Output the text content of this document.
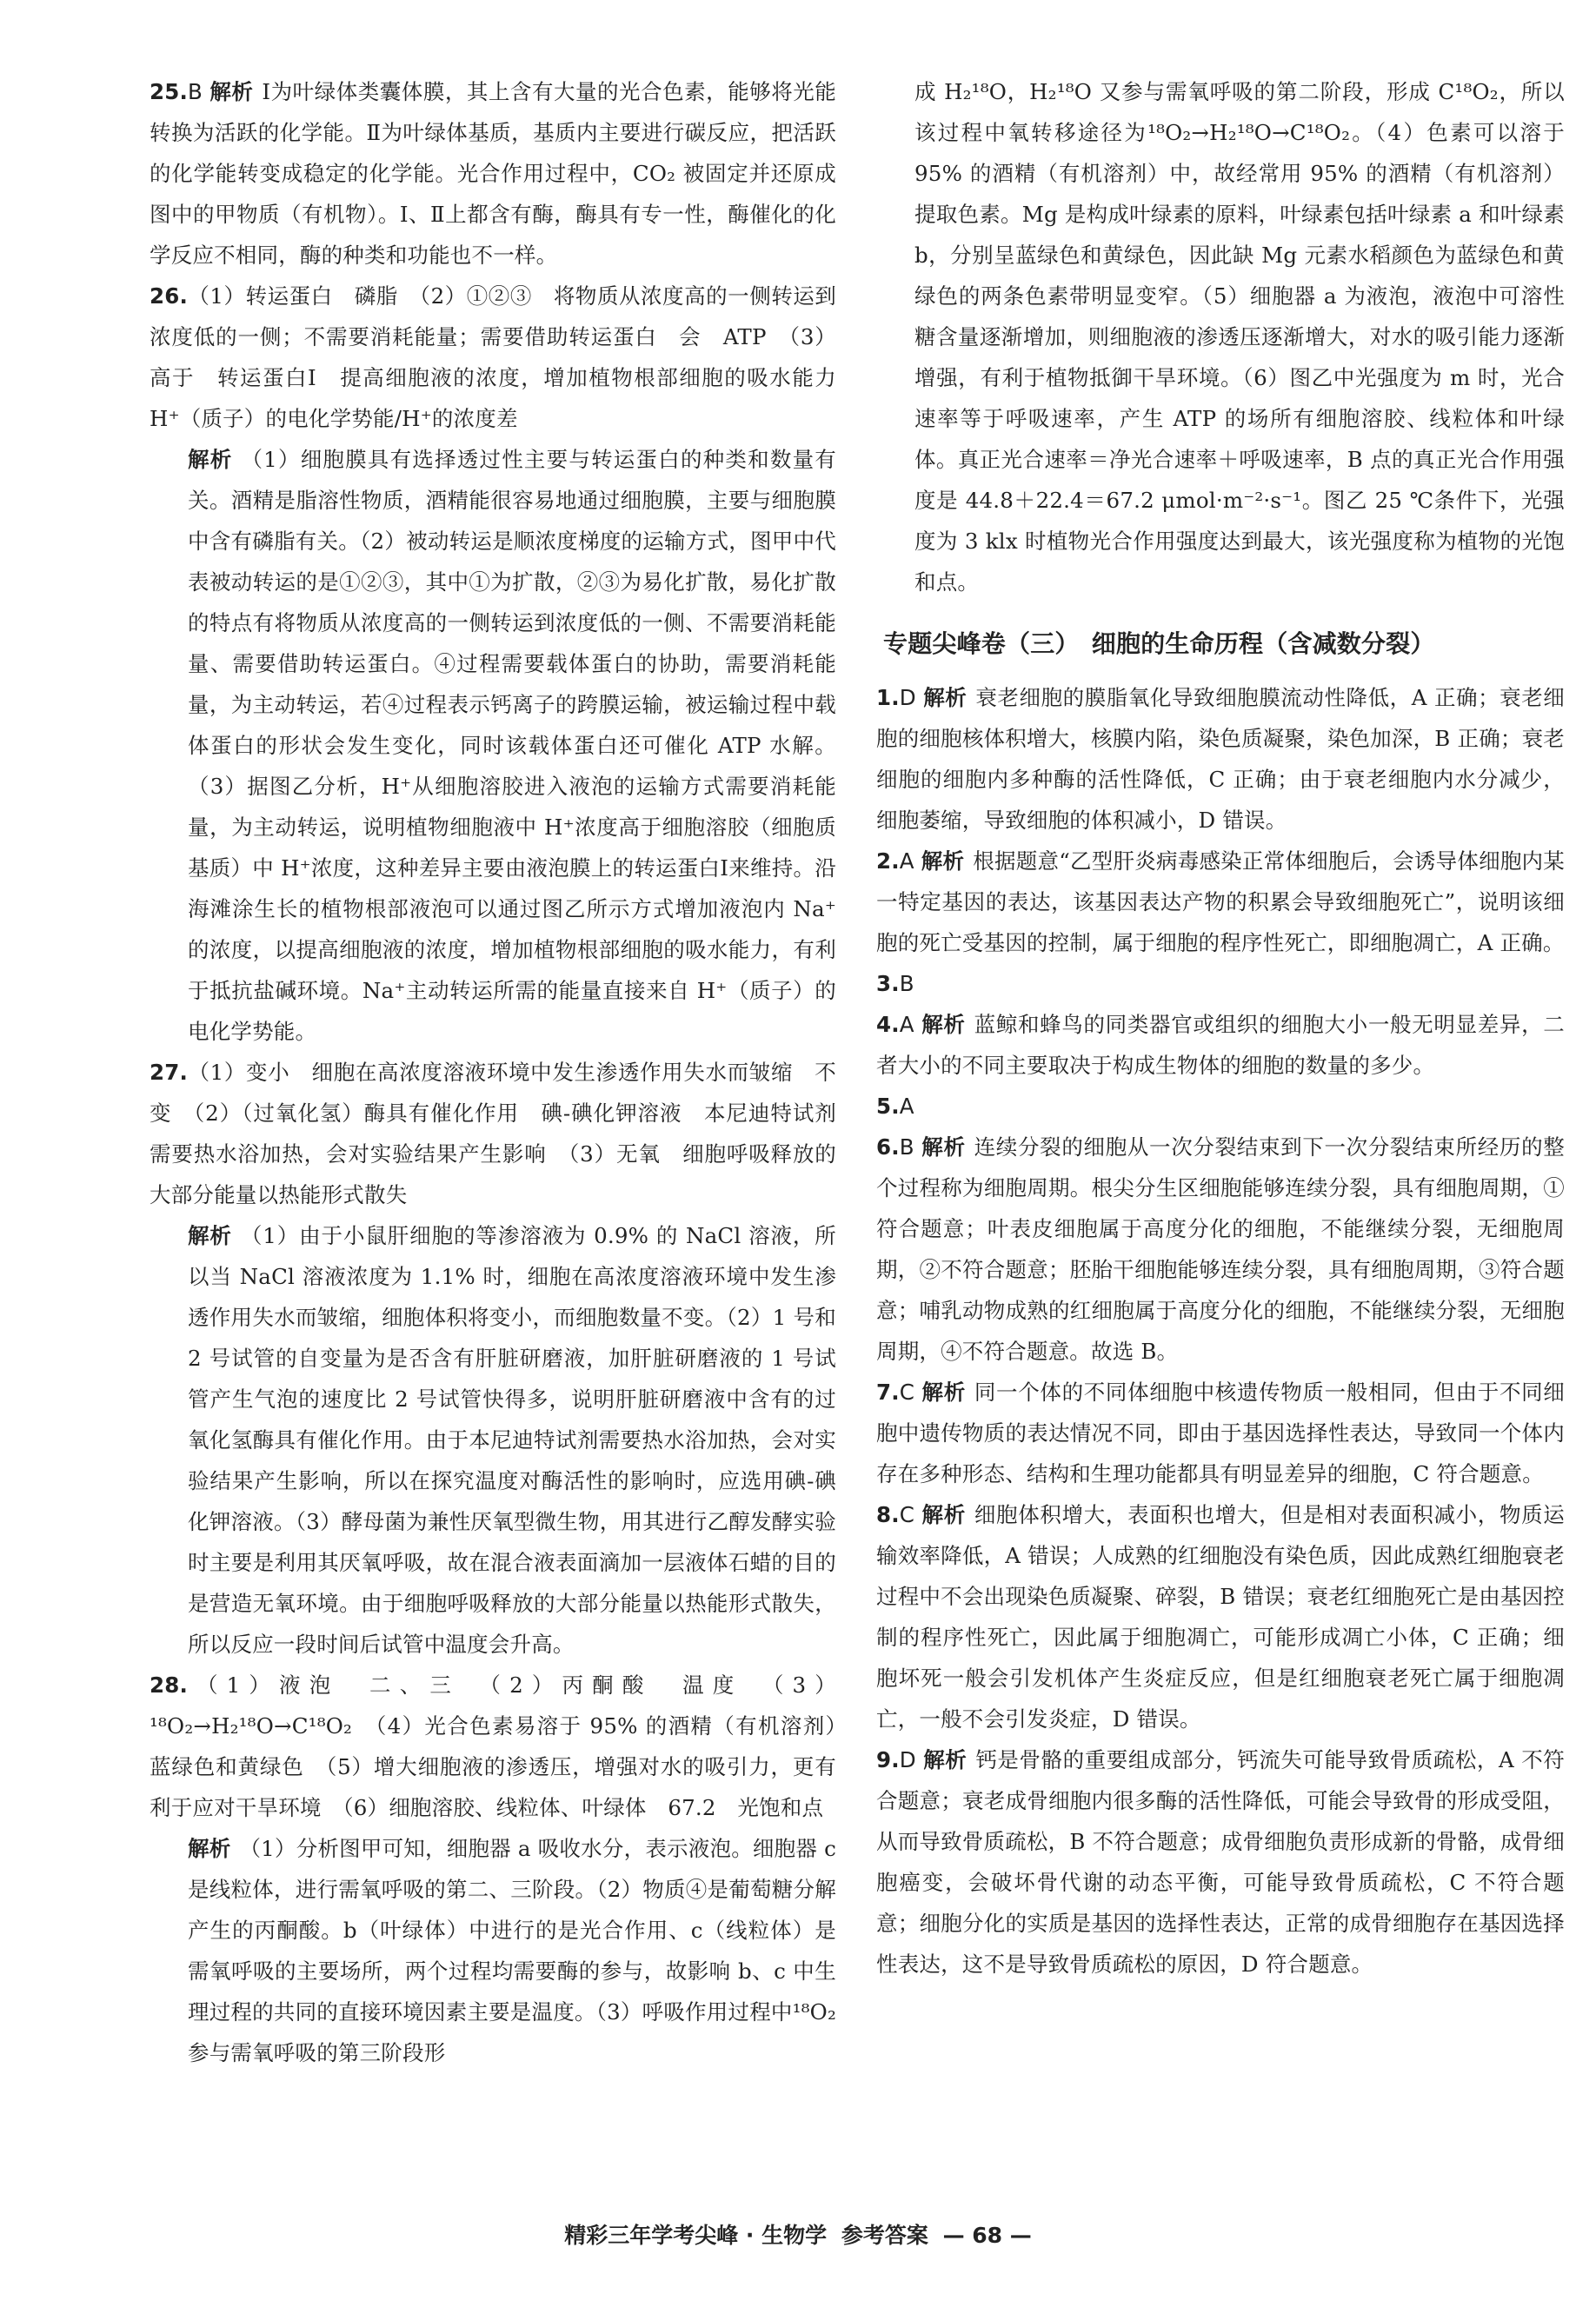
25.B 解析 Ⅰ为叶绿体类囊体膜，其上含有大量的光合色素，能够将光能转换为活跃的化学能。Ⅱ为叶绿体基质，基质内主要进行碳反应，把活跃的化学能转变成稳定的化学能。光合作用过程中，CO₂ 被固定并还原成图中的甲物质（有机物）。Ⅰ、Ⅱ上都含有酶，酶具有专一性，酶催化的化学反应不相同，酶的种类和功能也不一样。

26.（1）转运蛋白　磷脂　（2）①②③　将物质从浓度高的一侧转运到浓度低的一侧；不需要消耗能量；需要借助转运蛋白　会　ATP　（3）高于　转运蛋白Ⅰ　提高细胞液的浓度，增加植物根部细胞的吸水能力　H⁺（质子）的电化学势能/H⁺的浓度差

解析 （1）细胞膜具有选择透过性主要与转运蛋白的种类和数量有关。酒精是脂溶性物质，酒精能很容易地通过细胞膜，主要与细胞膜中含有磷脂有关。（2）被动转运是顺浓度梯度的运输方式，图甲中代表被动转运的是①②③，其中①为扩散，②③为易化扩散，易化扩散的特点有将物质从浓度高的一侧转运到浓度低的一侧、不需要消耗能量、需要借助转运蛋白。④过程需要载体蛋白的协助，需要消耗能量，为主动转运，若④过程表示钙离子的跨膜运输，被运输过程中载体蛋白的形状会发生变化，同时该载体蛋白还可催化 ATP 水解。（3）据图乙分析，H⁺从细胞溶胶进入液泡的运输方式需要消耗能量，为主动转运，说明植物细胞液中 H⁺浓度高于细胞溶胶（细胞质基质）中 H⁺浓度，这种差异主要由液泡膜上的转运蛋白Ⅰ来维持。沿海滩涂生长的植物根部液泡可以通过图乙所示方式增加液泡内 Na⁺的浓度，以提高细胞液的浓度，增加植物根部细胞的吸水能力，有利于抵抗盐碱环境。Na⁺主动转运所需的能量直接来自 H⁺（质子）的电化学势能。

27.（1）变小　细胞在高浓度溶液环境中发生渗透作用失水而皱缩　不变　（2）（过氧化氢）酶具有催化作用　碘-碘化钾溶液　本尼迪特试剂需要热水浴加热，会对实验结果产生影响　（3）无氧　细胞呼吸释放的大部分能量以热能形式散失

解析 （1）由于小鼠肝细胞的等渗溶液为 0.9% 的 NaCl 溶液，所以当 NaCl 溶液浓度为 1.1% 时，细胞在高浓度溶液环境中发生渗透作用失水而皱缩，细胞体积将变小，而细胞数量不变。（2）1 号和 2 号试管的自变量为是否含有肝脏研磨液，加肝脏研磨液的 1 号试管产生气泡的速度比 2 号试管快得多，说明肝脏研磨液中含有的过氧化氢酶具有催化作用。由于本尼迪特试剂需要热水浴加热，会对实验结果产生影响，所以在探究温度对酶活性的影响时，应选用碘-碘化钾溶液。（3）酵母菌为兼性厌氧型微生物，用其进行乙醇发酵实验时主要是利用其厌氧呼吸，故在混合液表面滴加一层液体石蜡的目的是营造无氧环境。由于细胞呼吸释放的大部分能量以热能形式散失，所以反应一段时间后试管中温度会升高。

28.（1）液泡　二、三　（2）丙酮酸　温度　（3）¹⁸O₂→H₂¹⁸O→C¹⁸O₂　（4）光合色素易溶于 95% 的酒精（有机溶剂）　蓝绿色和黄绿色　（5）增大细胞液的渗透压，增强对水的吸引力，更有利于应对干旱环境　（6）细胞溶胶、线粒体、叶绿体　67.2　光饱和点

解析 （1）分析图甲可知，细胞器 a 吸收水分，表示液泡。细胞器 c 是线粒体，进行需氧呼吸的第二、三阶段。（2）物质④是葡萄糖分解产生的丙酮酸。b（叶绿体）中进行的是光合作用、c（线粒体）是需氧呼吸的主要场所，两个过程均需要酶的参与，故影响 b、c 中生理过程的共同的直接环境因素主要是温度。（3）呼吸作用过程中¹⁸O₂ 参与需氧呼吸的第三阶段形

成 H₂¹⁸O，H₂¹⁸O 又参与需氧呼吸的第二阶段，形成 C¹⁸O₂，所以该过程中氧转移途径为¹⁸O₂→H₂¹⁸O→C¹⁸O₂。（4）色素可以溶于 95% 的酒精（有机溶剂）中，故经常用 95% 的酒精（有机溶剂）提取色素。Mg 是构成叶绿素的原料，叶绿素包括叶绿素 a 和叶绿素 b，分别呈蓝绿色和黄绿色，因此缺 Mg 元素水稻颜色为蓝绿色和黄绿色的两条色素带明显变窄。（5）细胞器 a 为液泡，液泡中可溶性糖含量逐渐增加，则细胞液的渗透压逐渐增大，对水的吸引能力逐渐增强，有利于植物抵御干旱环境。（6）图乙中光强度为 m 时，光合速率等于呼吸速率，产生 ATP 的场所有细胞溶胶、线粒体和叶绿体。真正光合速率＝净光合速率＋呼吸速率，B 点的真正光合作用强度是 44.8＋22.4＝67.2 μmol·m⁻²·s⁻¹。图乙 25 ℃条件下，光强度为 3 klx 时植物光合作用强度达到最大，该光强度称为植物的光饱和点。

专题尖峰卷（三）　细胞的生命历程（含减数分裂）

1.D 解析 衰老细胞的膜脂氧化导致细胞膜流动性降低，A 正确；衰老细胞的细胞核体积增大，核膜内陷，染色质凝聚，染色加深，B 正确；衰老细胞的细胞内多种酶的活性降低，C 正确；由于衰老细胞内水分减少，细胞萎缩，导致细胞的体积减小，D 错误。

2.A 解析 根据题意“乙型肝炎病毒感染正常体细胞后，会诱导体细胞内某一特定基因的表达，该基因表达产物的积累会导致细胞死亡”，说明该细胞的死亡受基因的控制，属于细胞的程序性死亡，即细胞凋亡，A 正确。

3.B

4.A 解析 蓝鲸和蜂鸟的同类器官或组织的细胞大小一般无明显差异，二者大小的不同主要取决于构成生物体的细胞的数量的多少。

5.A

6.B 解析 连续分裂的细胞从一次分裂结束到下一次分裂结束所经历的整个过程称为细胞周期。根尖分生区细胞能够连续分裂，具有细胞周期，①符合题意；叶表皮细胞属于高度分化的细胞，不能继续分裂，无细胞周期，②不符合题意；胚胎干细胞能够连续分裂，具有细胞周期，③符合题意；哺乳动物成熟的红细胞属于高度分化的细胞，不能继续分裂，无细胞周期，④不符合题意。故选 B。

7.C 解析 同一个体的不同体细胞中核遗传物质一般相同，但由于不同细胞中遗传物质的表达情况不同，即由于基因选择性表达，导致同一个体内存在多种形态、结构和生理功能都具有明显差异的细胞，C 符合题意。

8.C 解析 细胞体积增大，表面积也增大，但是相对表面积减小，物质运输效率降低，A 错误；人成熟的红细胞没有染色质，因此成熟红细胞衰老过程中不会出现染色质凝聚、碎裂，B 错误；衰老红细胞死亡是由基因控制的程序性死亡，因此属于细胞凋亡，可能形成凋亡小体，C 正确；细胞坏死一般会引发机体产生炎症反应，但是红细胞衰老死亡属于细胞凋亡，一般不会引发炎症，D 错误。

9.D 解析 钙是骨骼的重要组成部分，钙流失可能导致骨质疏松，A 不符合题意；衰老成骨细胞内很多酶的活性降低，可能会导致骨的形成受阻，从而导致骨质疏松，B 不符合题意；成骨细胞负责形成新的骨骼，成骨细胞癌变，会破坏骨代谢的动态平衡，可能导致骨质疏松，C 不符合题意；细胞分化的实质是基因的选择性表达，正常的成骨细胞存在基因选择性表达，这不是导致骨质疏松的原因，D 符合题意。

精彩三年学考尖峰 · 生物学 参考答案 — 68 —
